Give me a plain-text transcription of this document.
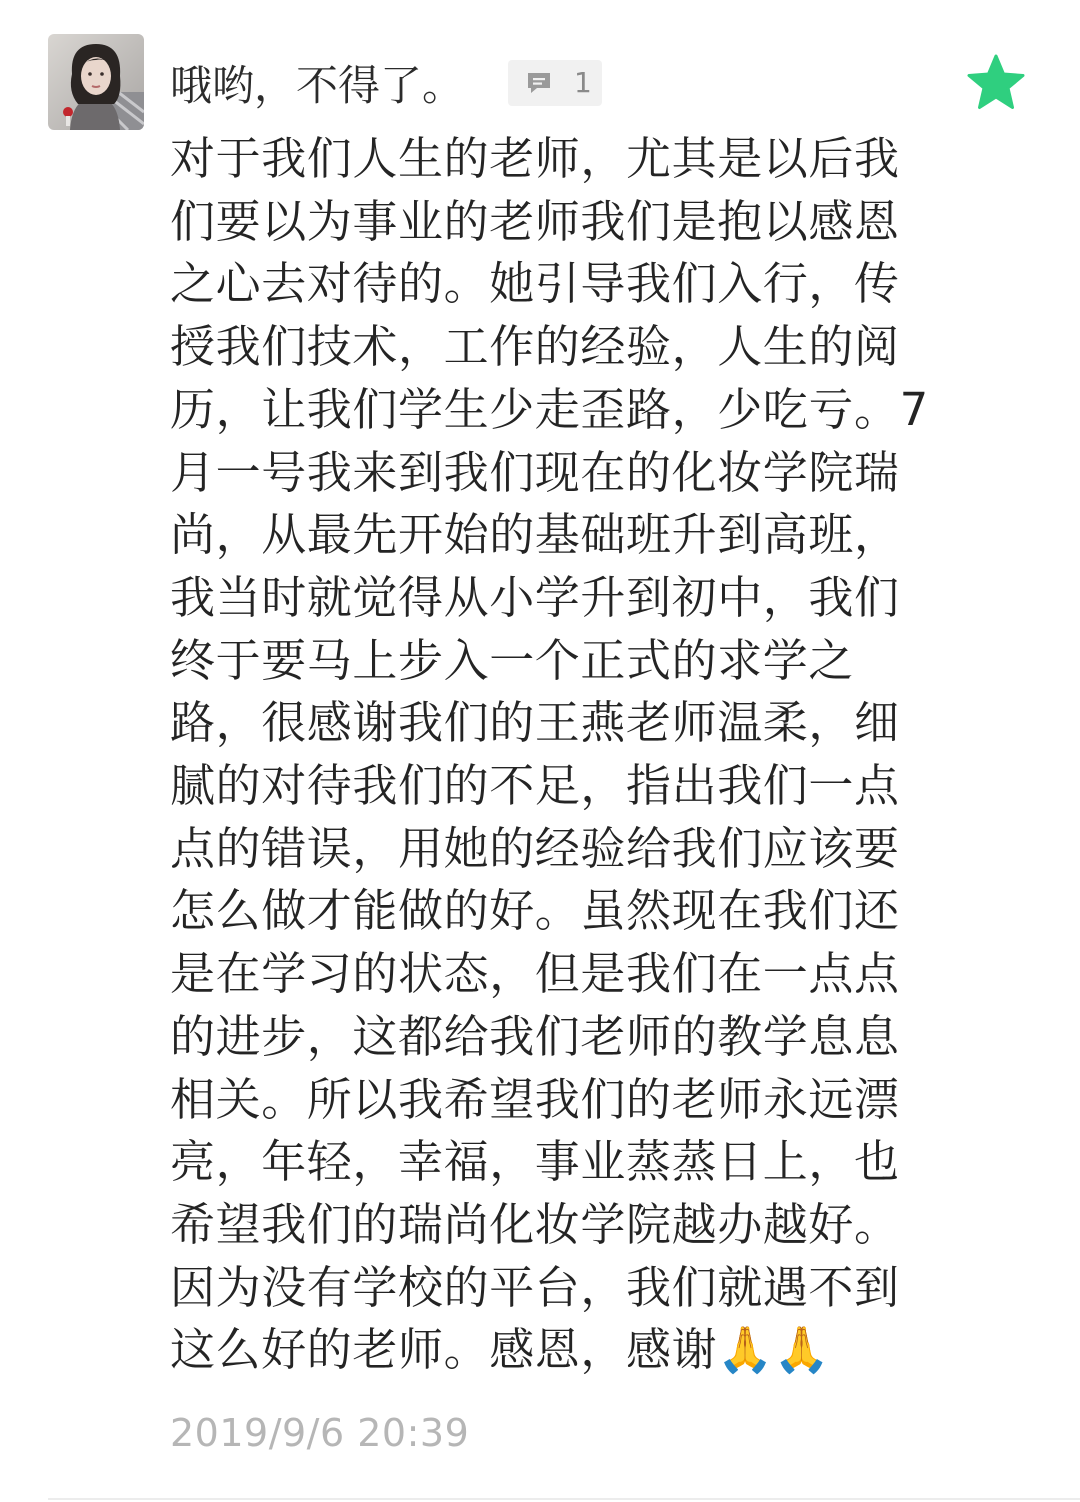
哦哟，不得了。	1

对于我们人生的老师，尤其是以后我
们要以为事业的老师我们是抱以感恩
之心去对待的。她引导我们入行，传
授我们技术，工作的经验，人生的阅
历，让我们学生少走歪路，少吃亏。7
月一号我来到我们现在的化妆学院瑞
尚，从最先开始的基础班升到高班，
我当时就觉得从小学升到初中，我们
终于要马上步入一个正式的求学之
路，很感谢我们的王燕老师温柔，细
腻的对待我们的不足，指出我们一点
点的错误，用她的经验给我们应该要
怎么做才能做的好。虽然现在我们还
是在学习的状态，但是我们在一点点
的进步，这都给我们老师的教学息息
相关。所以我希望我们的老师永远漂
亮，年轻，幸福，事业蒸蒸日上，也
希望我们的瑞尚化妆学院越办越好。
因为没有学校的平台，我们就遇不到
这么好的老师。感恩，感谢🙏🙏

2019/9/6 20:39
